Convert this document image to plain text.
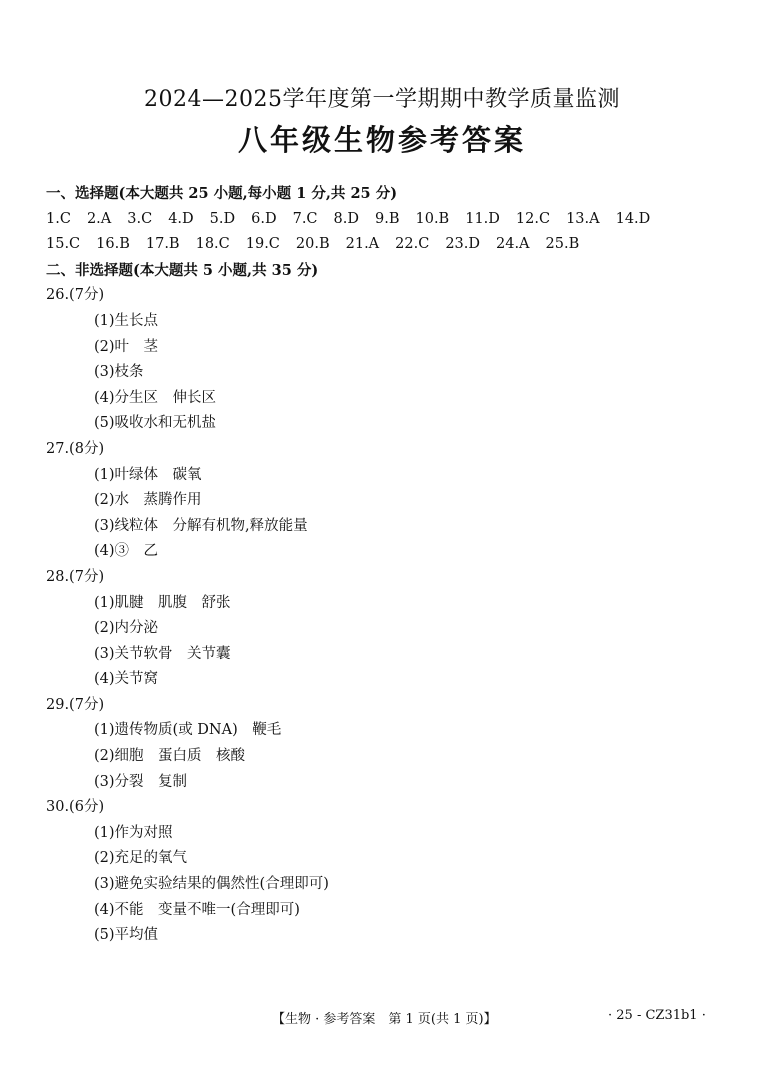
2024—2025学年度第一学期期中教学质量监测
八年级生物参考答案
一、选择题(本大题共 25 小题,每小题 1 分,共 25 分)
1.C 2.A 3.C 4.D 5.D 6.D 7.C 8.D 9.B 10.B 11.D 12.C 13.A 14.D
15.C 16.B 17.B 18.C 19.C 20.B 21.A 22.C 23.D 24.A 25.B
二、非选择题(本大题共 5 小题,共 35 分)
26.(7分)
(1)生长点
(2)叶　茎
(3)枝条
(4)分生区　伸长区
(5)吸收水和无机盐
27.(8分)
(1)叶绿体　碳氧
(2)水　蒸腾作用
(3)线粒体　分解有机物,释放能量
(4)③　乙
28.(7分)
(1)肌腱　肌腹　舒张
(2)内分泌
(3)关节软骨　关节囊
(4)关节窝
29.(7分)
(1)遗传物质(或 DNA)　鞭毛
(2)细胞　蛋白质　核酸
(3)分裂　复制
30.(6分)
(1)作为对照
(2)充足的氧气
(3)避免实验结果的偶然性(合理即可)
(4)不能　变量不唯一(合理即可)
(5)平均值
【生物 · 参考答案　第 1 页(共 1 页)】	· 25 - CZ31b1 ·
